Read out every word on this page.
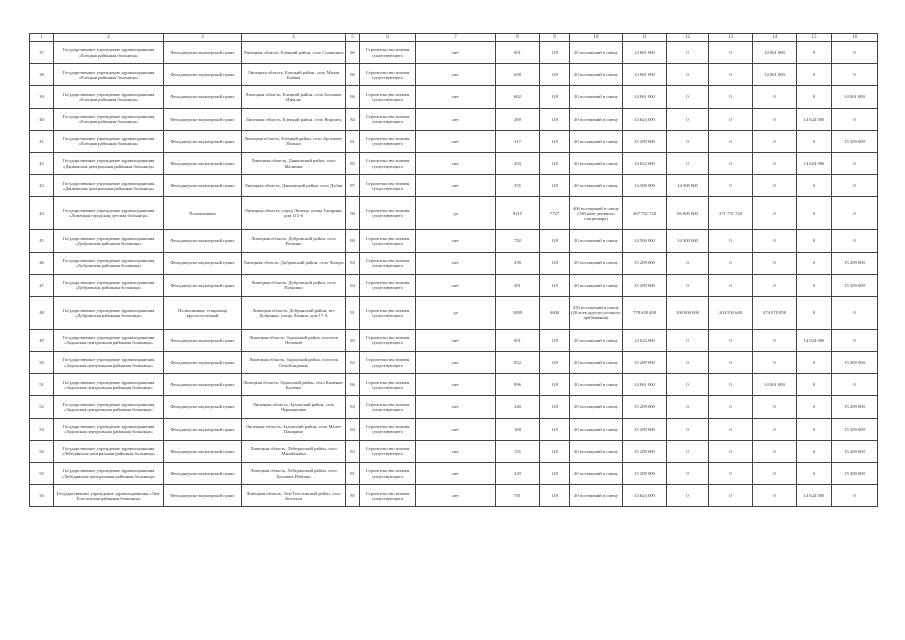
1	2	3	4	5	6	7	8	9	10	11	12	13	14	15	16
37	Государственное учреждение здравоохранения «Елецкая районная больница»	Фельдшерско-акушерский пункт	Липецкая область, Елецкий район, село Солнечное	86	Строительство взамен существующего	нет	901	118	20 посещений в смену	14 061 000	0	0	14 061 000	0	0
38	Государственное учреждение здравоохранения «Елецкая районная больница»	Фельдшерско-акушерский пункт	Липецкая область, Елецкий район, село Малая Боёвка	86	Строительство взамен существующего	нет	658	118	20 посещений в смену	14 061 000	0	0	14 061 000	0	0
39	Государственное учреждение здравоохранения «Елецкая районная больница»	Фельдшерско-акушерский пункт	Липецкая область, Елецкий район, село Большие Извалы	86	Строительство взамен существующего	нет	602	118	20 посещений в смену	14 061 000	0	0	0	0	14 061 000
40	Государственное учреждение здравоохранения «Елецкая районная больница»	Фельдшерско-акушерский пункт	Липецкая область, Елецкий район, село Воронец	84	Строительство взамен существующего	нет	269	118	20 посещений в смену	14 624 000	0	0	0	14 624 000	0
41	Государственное учреждение здравоохранения «Елецкая районная больница»	Фельдшерско-акушерский пункт	Липецкая область, Елецкий район, село Аргамачь-Пальна	81	Строительство взамен существующего	нет	317	118	20 посещений в смену	15 209 000	0	0	0	0	15 209 000
42	Государственное учреждение здравоохранения «Данковская центральная районная больница»	Фельдшерско-акушерский пункт	Липецкая область, Данковский район, село Малинки	85	Строительство взамен существующего	нет	203	118	20 посещений в смену	14 624 000	0	0	0	14 624 000	0
43	Государственное учреждение здравоохранения «Данковская центральная районная больница»	Фельдшерско-акушерский пункт	Липецкая область, Данковский район, село Дубки	87	Строительство взамен существующего	нет	335	118	20 посещений в смену	14 500 000	14 500 000	0	0	0	0
44	Государственное учреждение здравоохранения «Липецкая городская детская больница»	Поликлиника	Липецкая область, город Липецк, улица Гагарина, дом 115-б	90	Строительство взамен существующего	да	9215	7727	400 посещений в смену (180 коек дневного стационара)	467 751 720	96 000 000	371 751 720	0	0	0
45	Государственное учреждение здравоохранения «Добровская районная больница»	Фельдшерско-акушерский пункт	Липецкая область, Добровский район, село Ратчино	80	Строительство взамен существующего	нет	792	118	20 посещений в смену	14 500 000	14 500 000	0	0	0	0
46	Государственное учреждение здравоохранения «Добровская районная больница»	Фельдшерско-акушерский пункт	Липецкая область, Добровский район, село Чичера	83	Строительство взамен существующего	нет	258	118	20 посещений в смену	15 209 000	0	0	0	0	15 209 000
47	Государственное учреждение здравоохранения «Добровская районная больница»	Фельдшерско-акушерский пункт	Липецкая область, Добровский район, село Пушкино	84	Строительство взамен существующего	нет	491	118	20 посещений в смену	15 209 000	0	0	0	0	15 209 000
48	Государственное учреждение здравоохранения «Добринская районная больница»	Поликлиника, стационар круглосуточный	Липецкая область, Добринский район, пгт Добринка, улица Ленина, дом 17 А	91	Строительство взамен существующего	да	3899	4000	250 посещений в смену (20 коек круглосуточного пребывания)	778 628 400	100 000 000	204 550 640	474 078 850	0	0
49	Государственное учреждение здравоохранения «Задонская центральная районная больница»	Фельдшерско-акушерский пункт	Липецкая область, Задонский район, поселок Полевой	83	Строительство взамен существующего	нет	901	118	20 посещений в смену	14 624 000	0	0	0	14 624 000	0
50	Государственное учреждение здравоохранения «Задонская центральная районная больница»	Фельдшерско-акушерский пункт	Липецкая область, Задонский район, поселок Освобождение	83	Строительство взамен существующего	нет	852	118	20 посещений в смену	15 209 000	0	0	0	0	15 209 000
51	Государственное учреждение здравоохранения «Задонская центральная районная больница»	Фельдшерско-акушерский пункт	Липецкая область, Задонский район, село Каменка-Казачье	86	Строительство взамен существующего	нет	896	118	20 посещений в смену	14 061 000	0	0	14 061 000	0	0
52	Государственное учреждение здравоохранения «Задонская центральная районная больница»	Фельдшерско-акушерский пункт	Липецкая область, Задонский район, село Чернышовка	83	Строительство взамен существующего	нет	240	118	20 посещений в смену	15 209 000	0	0	0	0	15 209 000
53	Государственное учреждение здравоохранения «Задонская центральная районная больница»	Фельдшерско-акушерский пункт	Липецкая область, Задонский район, село Малое Панарино	83	Строительство взамен существующего	нет	169	118	20 посещений в смену	15 209 000	0	0	0	0	15 209 000
54	Государственное учреждение здравоохранения «Лебедянская центральная районная больница»	Фельдшерско-акушерский пункт	Липецкая область, Лебедянский район, село Михайловка	83	Строительство взамен существующего	нет	155	118	20 посещений в смену	15 209 000	0	0	0	0	15 209 000
55	Государственное учреждение здравоохранения «Лебедянская центральная районная больница»	Фельдшерско-акушерский пункт	Липецкая область, Лебедянский район, село Большие Избищи	81	Строительство взамен существующего	нет	329	118	20 посещений в смену	15 209 000	0	0	0	0	15 209 000
56	Государственное учреждение здравоохранения «Лев-Толстовская районная больница»	Фельдшерско-акушерский пункт	Липецкая область, Лев-Толстовский район, село Золотуха	85	Строительство взамен существующего	нет	781	118	20 посещений в смену	14 624 000	0	0	0	14 624 000	0
